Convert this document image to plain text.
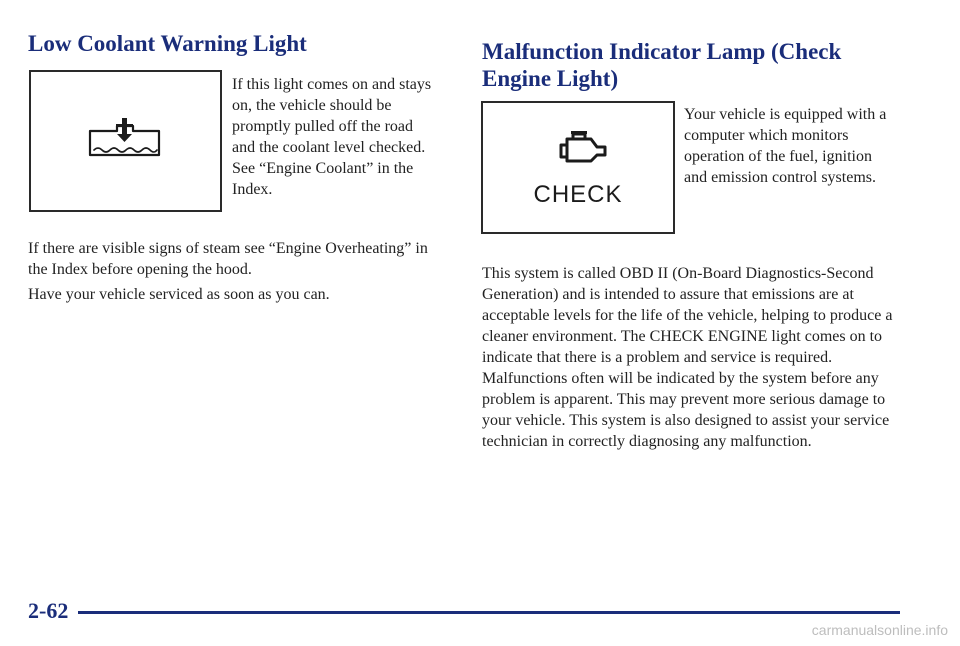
Low Coolant Warning Light

If this light comes on and stays on, the vehicle should be promptly pulled off the road and the coolant level checked. See “Engine Coolant” in the Index.

If there are visible signs of steam see “Engine Overheating” in the Index before opening the hood.

Have your vehicle serviced as soon as you can.

Malfunction Indicator Lamp (Check Engine Light)
CHECK

Your vehicle is equipped with a computer which monitors operation of the fuel, ignition and emission control systems.

This system is called OBD II (On-Board Diagnostics-Second Generation) and is intended to assure that emissions are at acceptable levels for the life of the vehicle, helping to produce a cleaner environment. The CHECK ENGINE light comes on to indicate that there is a problem and service is required. Malfunctions often will be indicated by the system before any problem is apparent. This may prevent more serious damage to your vehicle. This system is also designed to assist your service technician in correctly diagnosing any malfunction.

2-62
carmanualsonline.info
